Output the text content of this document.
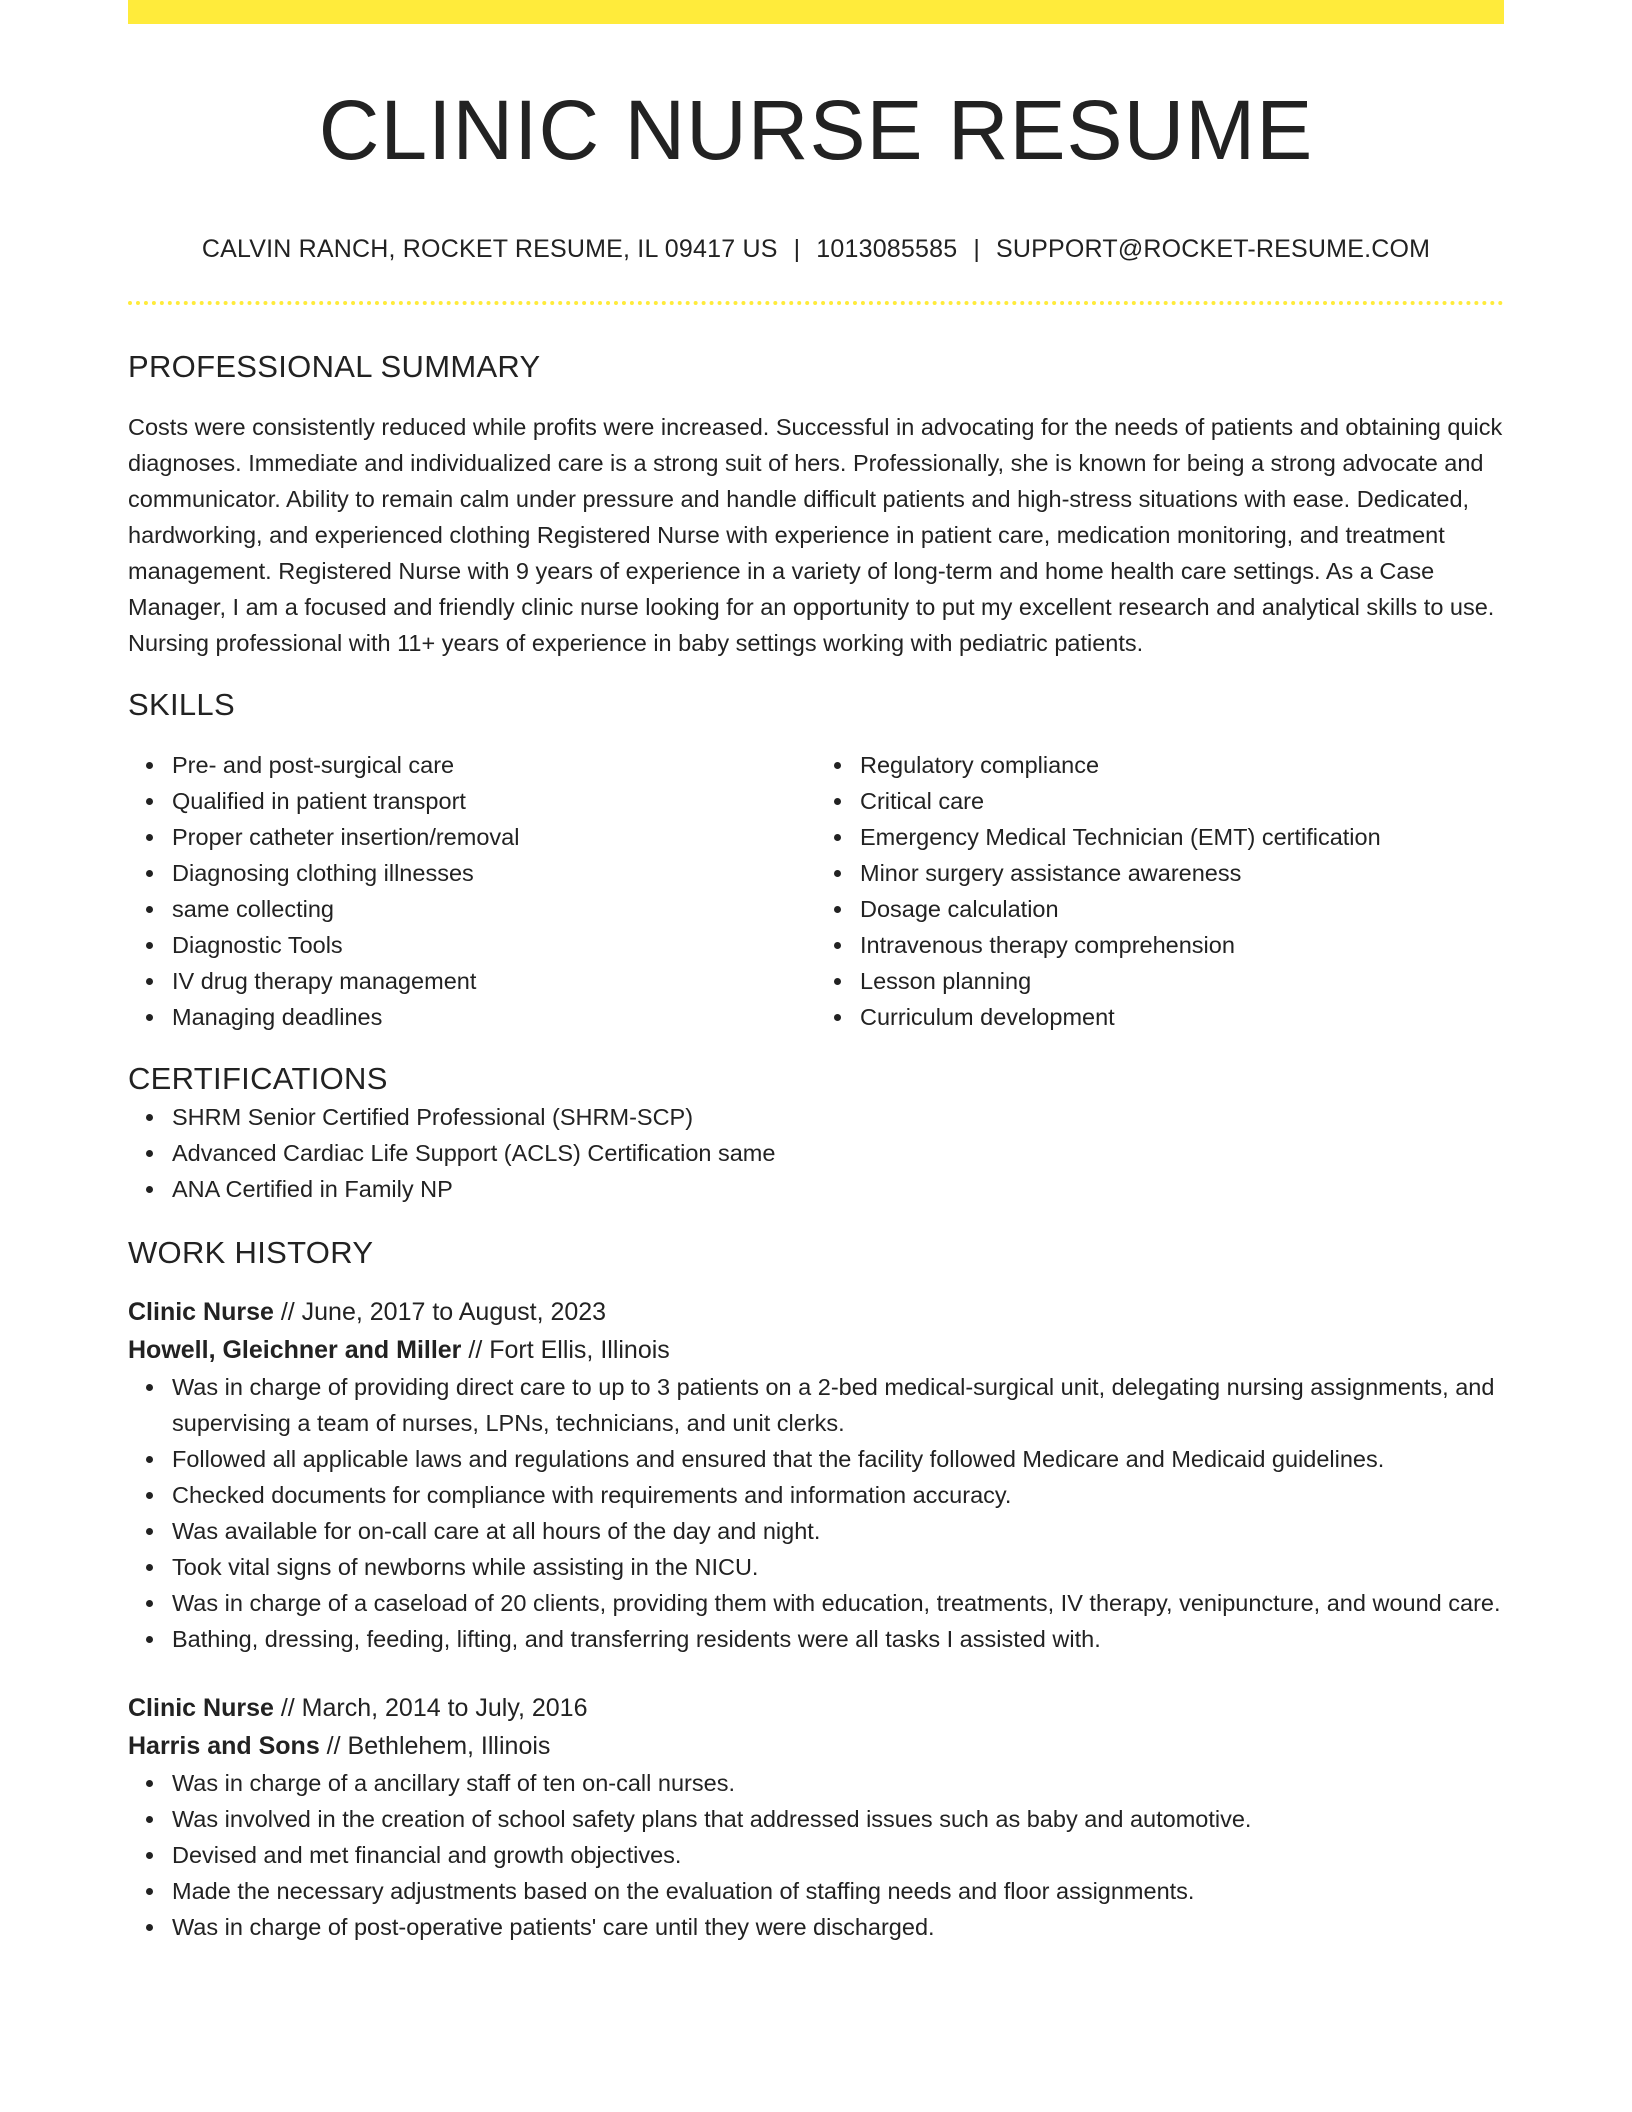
CLINIC NURSE RESUME
CALVIN RANCH, ROCKET RESUME, IL 09417 US | 1013085585 | SUPPORT@ROCKET-RESUME.COM
PROFESSIONAL SUMMARY

Costs were consistently reduced while profits were increased. Successful in advocating for the needs of patients and obtaining quick diagnoses. Immediate and individualized care is a strong suit of hers. Professionally, she is known for being a strong advocate and communicator. Ability to remain calm under pressure and handle difficult patients and high-stress situations with ease. Dedicated, hardworking, and experienced clothing Registered Nurse with experience in patient care, medication monitoring, and treatment management. Registered Nurse with 9 years of experience in a variety of long-term and home health care settings. As a Case Manager, I am a focused and friendly clinic nurse looking for an opportunity to put my excellent research and analytical skills to use. Nursing professional with 11+ years of experience in baby settings working with pediatric patients.

SKILLS
Pre- and post-surgical care
Qualified in patient transport
Proper catheter insertion/removal
Diagnosing clothing illnesses
same collecting
Diagnostic Tools
IV drug therapy management
Managing deadlines
Regulatory compliance
Critical care
Emergency Medical Technician (EMT) certification
Minor surgery assistance awareness
Dosage calculation
Intravenous therapy comprehension
Lesson planning
Curriculum development
CERTIFICATIONS
SHRM Senior Certified Professional (SHRM-SCP)
Advanced Cardiac Life Support (ACLS) Certification same
ANA Certified in Family NP
WORK HISTORY
Clinic Nurse // June, 2017 to August, 2023
Howell, Gleichner and Miller // Fort Ellis, Illinois
Was in charge of providing direct care to up to 3 patients on a 2-bed medical-surgical unit, delegating nursing assignments, and supervising a team of nurses, LPNs, technicians, and unit clerks.
Followed all applicable laws and regulations and ensured that the facility followed Medicare and Medicaid guidelines.
Checked documents for compliance with requirements and information accuracy.
Was available for on-call care at all hours of the day and night.
Took vital signs of newborns while assisting in the NICU.
Was in charge of a caseload of 20 clients, providing them with education, treatments, IV therapy, venipuncture, and wound care.
Bathing, dressing, feeding, lifting, and transferring residents were all tasks I assisted with.
Clinic Nurse // March, 2014 to July, 2016
Harris and Sons // Bethlehem, Illinois
Was in charge of a ancillary staff of ten on-call nurses.
Was involved in the creation of school safety plans that addressed issues such as baby and automotive.
Devised and met financial and growth objectives.
Made the necessary adjustments based on the evaluation of staffing needs and floor assignments.
Was in charge of post-operative patients' care until they were discharged.
